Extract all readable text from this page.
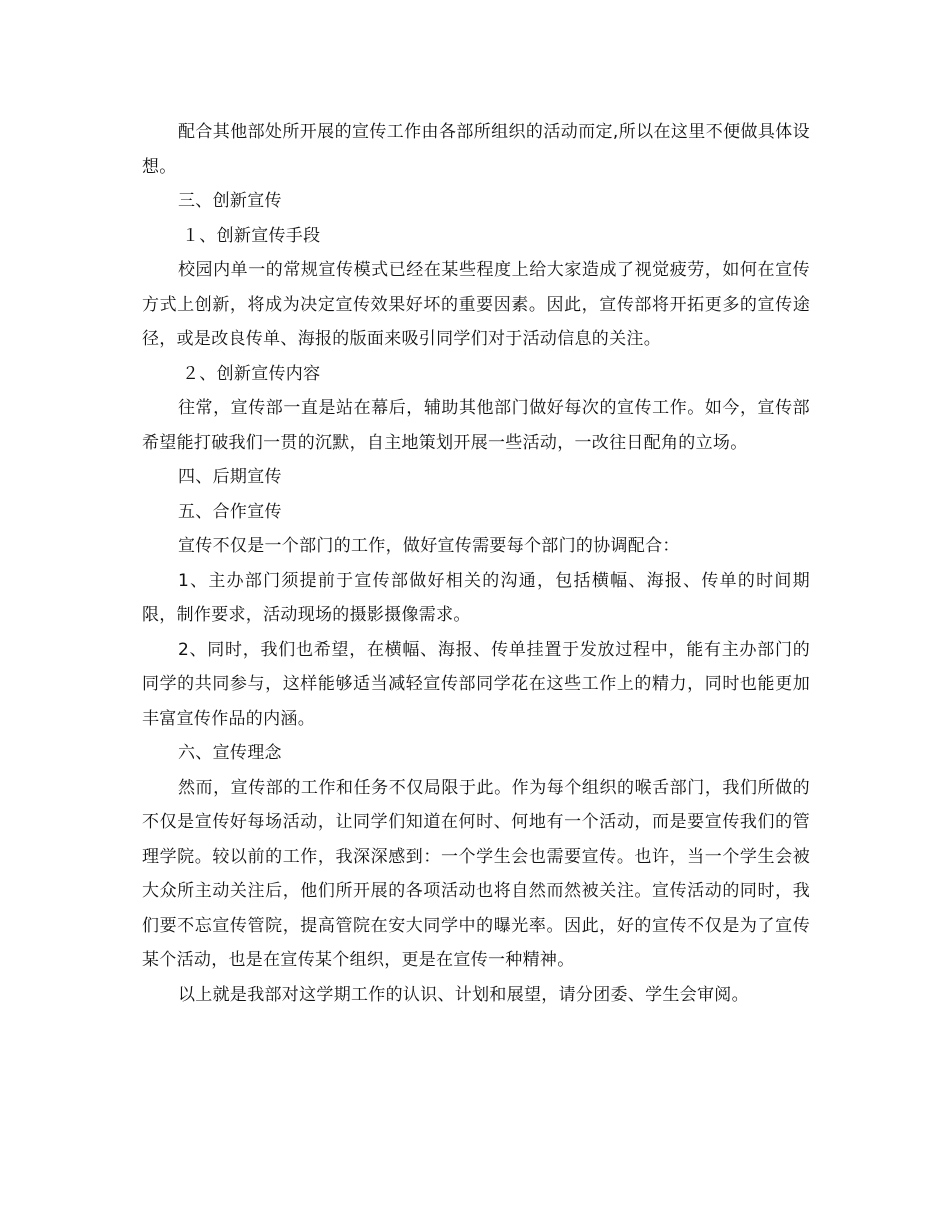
配合其他部处所开展的宣传工作由各部所组织的活动而定,所以在这里不便做具体设想。

三、创新宣传

１、创新宣传手段

校园内单一的常规宣传模式已经在某些程度上给大家造成了视觉疲劳，如何在宣传方式上创新，将成为决定宣传效果好坏的重要因素。因此，宣传部将开拓更多的宣传途径，或是改良传单、海报的版面来吸引同学们对于活动信息的关注。

２、创新宣传内容

往常，宣传部一直是站在幕后，辅助其他部门做好每次的宣传工作。如今，宣传部希望能打破我们一贯的沉默，自主地策划开展一些活动，一改往日配角的立场。

四、后期宣传

五、合作宣传

宣传不仅是一个部门的工作，做好宣传需要每个部门的协调配合：

1、主办部门须提前于宣传部做好相关的沟通，包括横幅、海报、传单的时间期限，制作要求，活动现场的摄影摄像需求。

2、同时，我们也希望，在横幅、海报、传单挂置于发放过程中，能有主办部门的同学的共同参与，这样能够适当减轻宣传部同学花在这些工作上的精力，同时也能更加丰富宣传作品的内涵。

六、宣传理念

然而，宣传部的工作和任务不仅局限于此。作为每个组织的喉舌部门，我们所做的不仅是宣传好每场活动，让同学们知道在何时、何地有一个活动，而是要宣传我们的管理学院。较以前的工作，我深深感到：一个学生会也需要宣传。也许，当一个学生会被大众所主动关注后，他们所开展的各项活动也将自然而然被关注。宣传活动的同时，我们要不忘宣传管院，提高管院在安大同学中的曝光率。因此，好的宣传不仅是为了宣传某个活动，也是在宣传某个组织，更是在宣传一种精神。

以上就是我部对这学期工作的认识、计划和展望，请分团委、学生会审阅。
